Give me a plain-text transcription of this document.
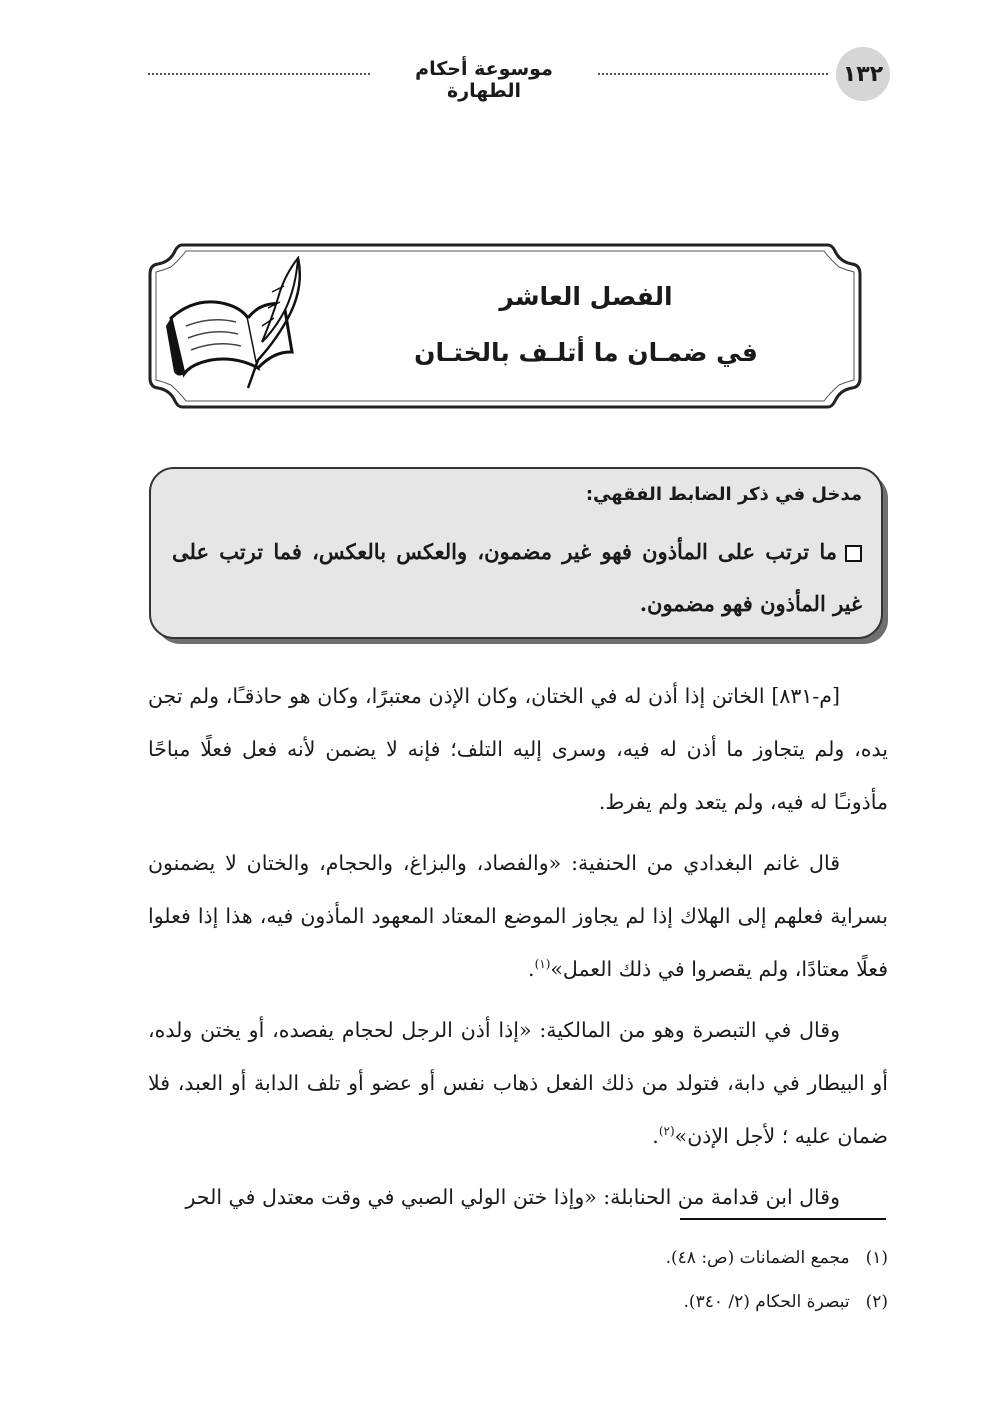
١٣٢
موسوعة أحكام الطهارة
الفصل العاشر
في ضمـان ما أتلـف بالختـان
مدخل في ذكر الضابط الفقهي:
ما ترتب على المأذون فهو غير مضمون، والعكس بالعكس، فما ترتب على غير المأذون فهو مضمون.

[م-٨٣١] الخاتن إذا أذن له في الختان، وكان الإذن معتبرًا، وكان هو حاذقـًا، ولم تجن يده، ولم يتجاوز ما أذن له فيه، وسرى إليه التلف؛ فإنه لا يضمن لأنه فعل فعلًا مباحًا مأذونـًا له فيه، ولم يتعد ولم يفرط.

قال غانم البغدادي من الحنفية: «والفصاد، والبزاغ، والحجام، والختان لا يضمنون بسراية فعلهم إلى الهلاك إذا لم يجاوز الموضع المعتاد المعهود المأذون فيه، هذا إذا فعلوا فعلًا معتادًا، ولم يقصروا في ذلك العمل»$^{(١)}$.

وقال في التبصرة وهو من المالكية: «إذا أذن الرجل لحجام يفصده، أو يختن ولده، أو البيطار في دابة، فتولد من ذلك الفعل ذهاب نفس أو عضو أو تلف الدابة أو العبد، فلا ضمان عليه ؛ لأجل الإذن»$^{(٢)}$.

وقال ابن قدامة من الحنابلة: «وإذا ختن الولي الصبي في وقت معتدل في الحر

(١)مجمع الضمانات (ص: ٤٨).
(٢)تبصرة الحكام (٢/ ٣٤٠).
